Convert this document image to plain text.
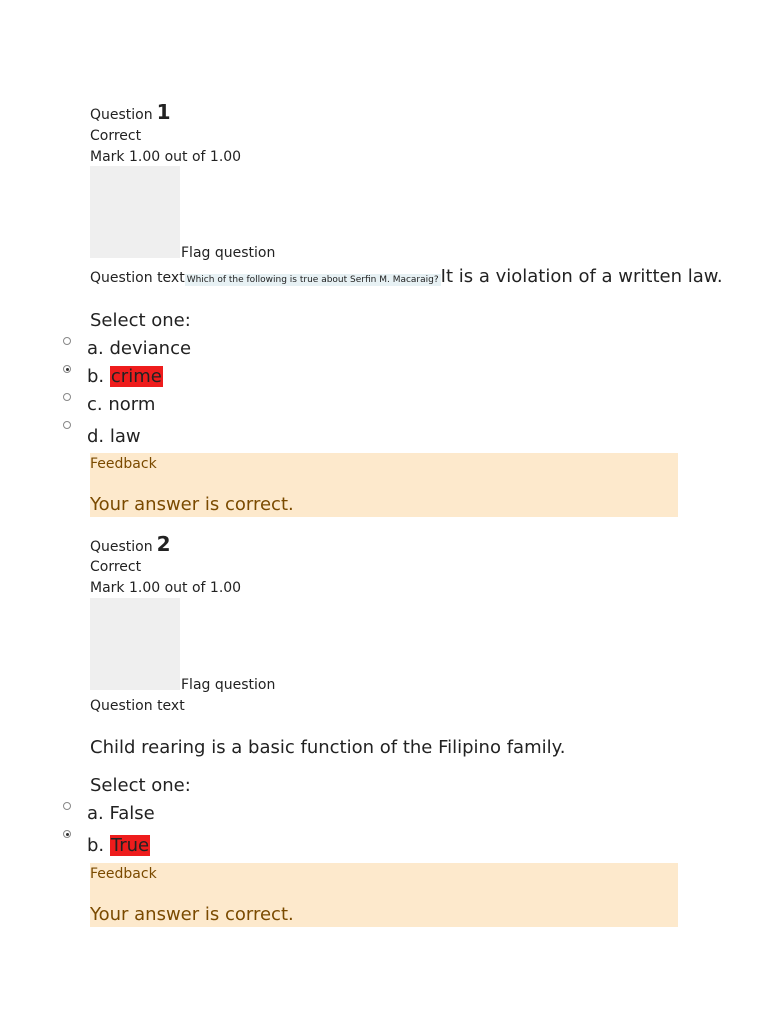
Question 1
Correct
Mark 1.00 out of 1.00
Flag question
Question text Which of the following is true about Serfin M. Macaraig? It is a violation of a written law.
Select one:
a. deviance
b. crime
c. norm
d. law
Feedback
Your answer is correct.
Question 2
Correct
Mark 1.00 out of 1.00
Flag question
Question text
Child rearing is a basic function of the Filipino family.
Select one:
a. False
b. True
Feedback
Your answer is correct.
